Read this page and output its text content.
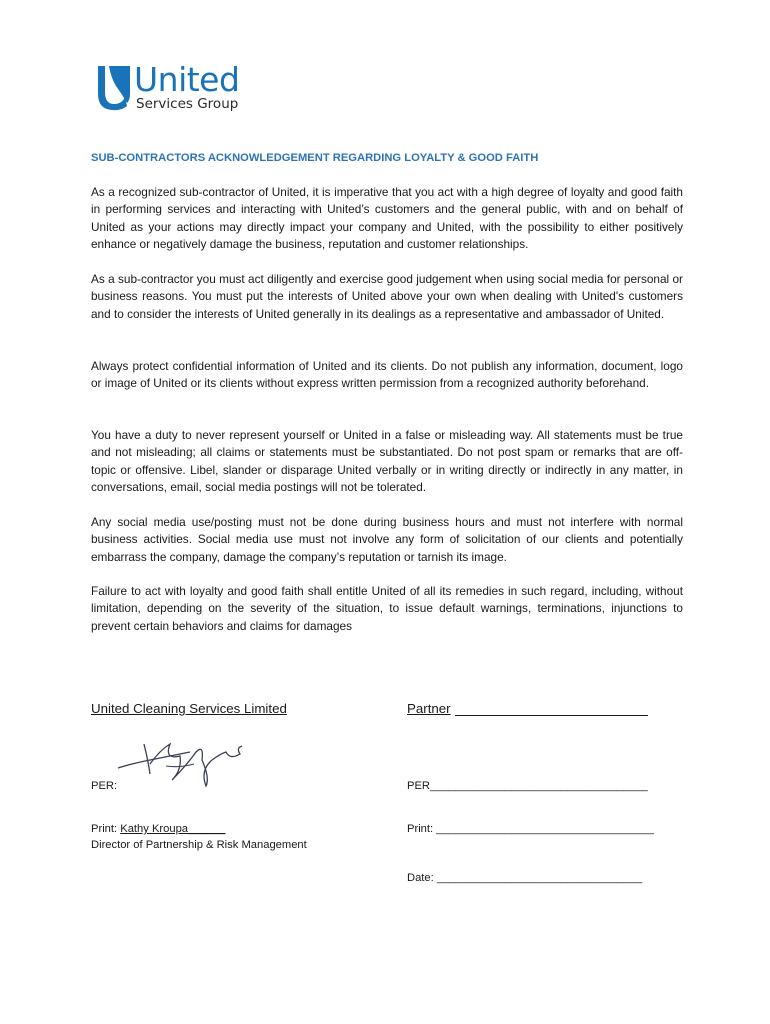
United
Services Group
SUB-CONTRACTORS ACKNOWLEDGEMENT REGARDING LOYALTY & GOOD FAITH
As a recognized sub-contractor of United, it is imperative that you act with a high degree of loyalty and good faith in performing services and interacting with United’s customers and the general public, with and on behalf of United as your actions may directly impact your company and United, with the possibility to either positively enhance or negatively damage the business, reputation and customer relationships.
As a sub-contractor you must act diligently and exercise good judgement when using social media for personal or business reasons. You must put the interests of United above your own when dealing with United's customers and to consider the interests of United generally in its dealings as a representative and ambassador of United.
Always protect confidential information of United and its clients. Do not publish any information, document, logo or image of United or its clients without express written permission from a recognized authority beforehand.
You have a duty to never represent yourself or United in a false or misleading way. All statements must be true and not misleading; all claims or statements must be substantiated. Do not post spam or remarks that are off-topic or offensive. Libel, slander or disparage United verbally or in writing directly or indirectly in any matter, in conversations, email, social media postings will not be tolerated.
Any social media use/posting must not be done during business hours and must not interfere with normal business activities. Social media use must not involve any form of solicitation of our clients and potentially embarrass the company, damage the company’s reputation or tarnish its image.
Failure to act with loyalty and good faith shall entitle United of all its remedies in such regard, including, without limitation, depending on the severity of the situation, to issue default warnings, terminations, injunctions to prevent certain behaviors and claims for damages
United Cleaning Services Limited	Partner
PER:	PER___________________________________
Print: Kathy Kroupa______
Director of Partnership & Risk Management
Print: ___________________________________
Date: _________________________________
